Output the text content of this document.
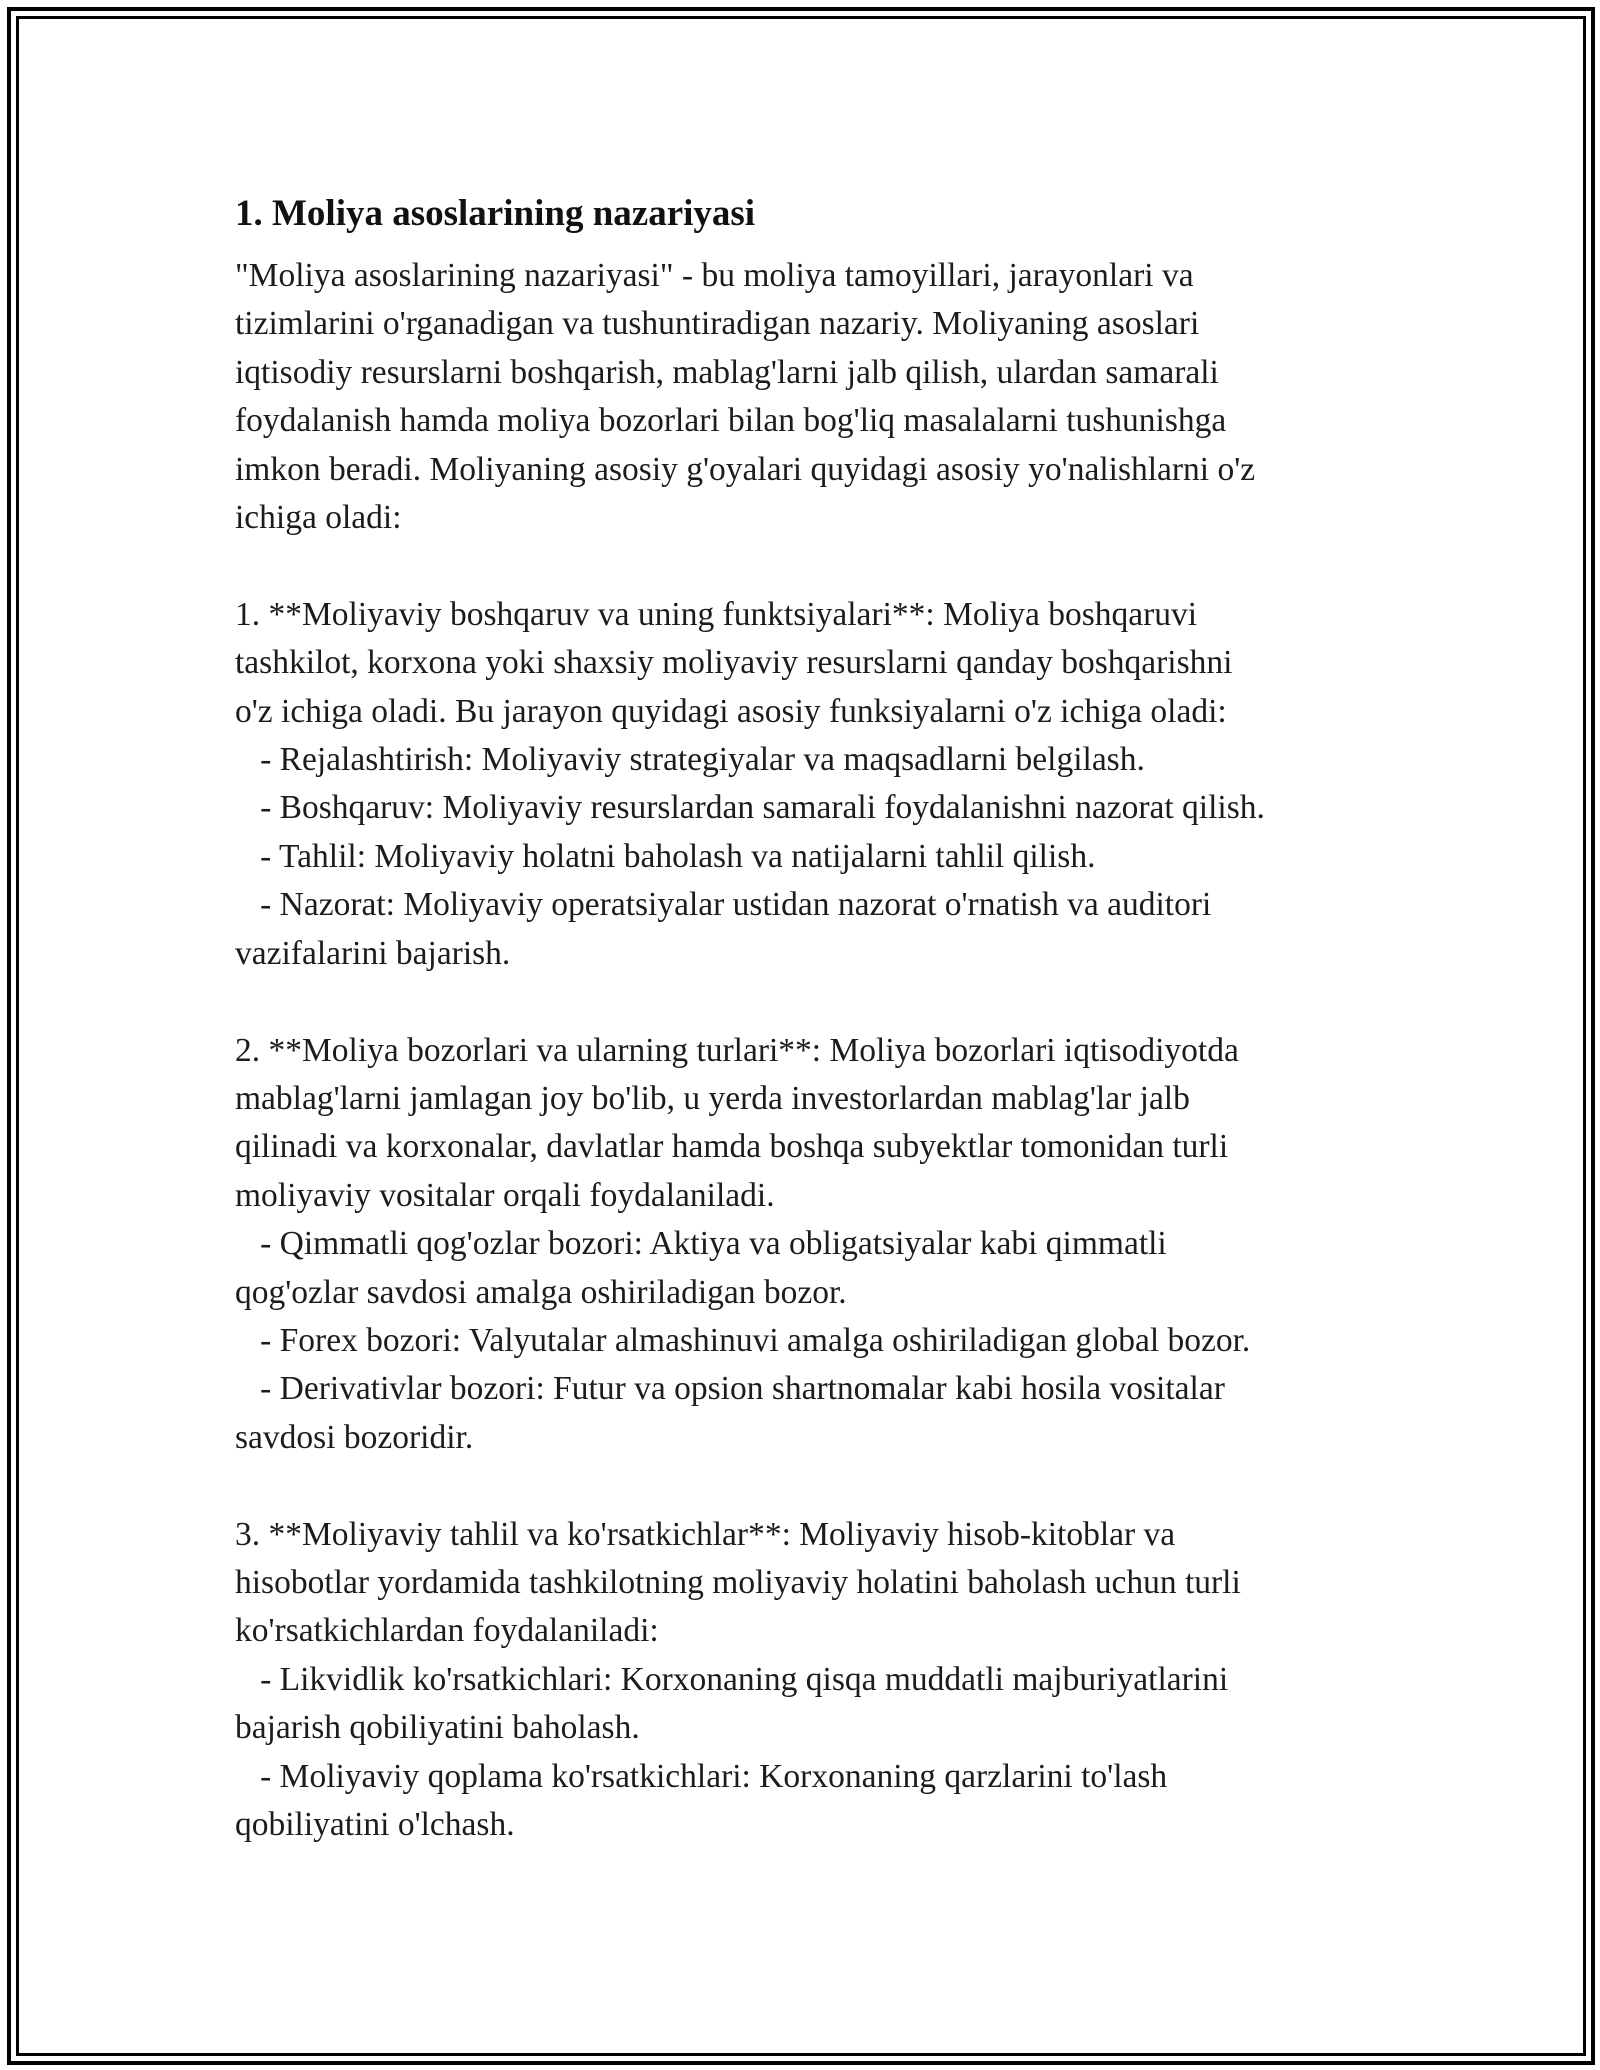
1. Moliya asoslarining nazariyasi
"Moliya asoslarining nazariyasi" - bu moliya tamoyillari, jarayonlari va
tizimlarini o'rganadigan va tushuntiradigan nazariy. Moliyaning asoslari
iqtisodiy resurslarni boshqarish, mablag'larni jalb qilish, ulardan samarali
foydalanish hamda moliya bozorlari bilan bog'liq masalalarni tushunishga
imkon beradi. Moliyaning asosiy g'oyalari quyidagi asosiy yo'nalishlarni o'z
ichiga oladi:

1. **Moliyaviy boshqaruv va uning funktsiyalari**: Moliya boshqaruvi
tashkilot, korxona yoki shaxsiy moliyaviy resurslarni qanday boshqarishni
o'z ichiga oladi. Bu jarayon quyidagi asosiy funksiyalarni o'z ichiga oladi:
- Rejalashtirish: Moliyaviy strategiyalar va maqsadlarni belgilash.
- Boshqaruv: Moliyaviy resurslardan samarali foydalanishni nazorat qilish.
- Tahlil: Moliyaviy holatni baholash va natijalarni tahlil qilish.
- Nazorat: Moliyaviy operatsiyalar ustidan nazorat o'rnatish va auditori
vazifalarini bajarish.

2. **Moliya bozorlari va ularning turlari**: Moliya bozorlari iqtisodiyotda
mablag'larni jamlagan joy bo'lib, u yerda investorlardan mablag'lar jalb
qilinadi va korxonalar, davlatlar hamda boshqa subyektlar tomonidan turli
moliyaviy vositalar orqali foydalaniladi.
- Qimmatli qog'ozlar bozori: Aktiya va obligatsiyalar kabi qimmatli
qog'ozlar savdosi amalga oshiriladigan bozor.
- Forex bozori: Valyutalar almashinuvi amalga oshiriladigan global bozor.
- Derivativlar bozori: Futur va opsion shartnomalar kabi hosila vositalar
savdosi bozoridir.

3. **Moliyaviy tahlil va ko'rsatkichlar**: Moliyaviy hisob-kitoblar va
hisobotlar yordamida tashkilotning moliyaviy holatini baholash uchun turli
ko'rsatkichlardan foydalaniladi:
- Likvidlik ko'rsatkichlari: Korxonaning qisqa muddatli majburiyatlarini
bajarish qobiliyatini baholash.
- Moliyaviy qoplama ko'rsatkichlari: Korxonaning qarzlarini to'lash
qobiliyatini o'lchash.
